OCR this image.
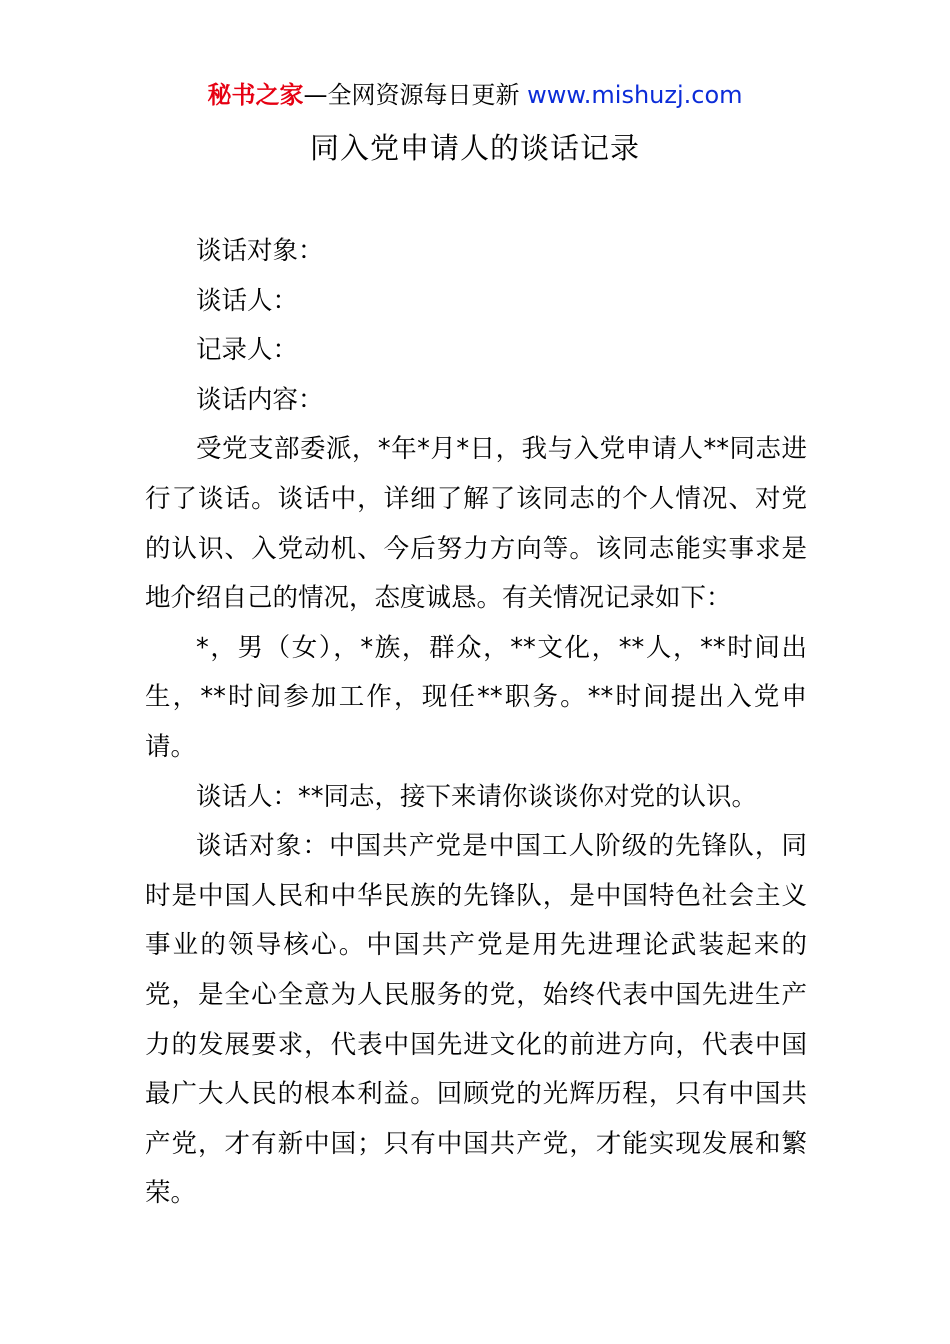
秘书之家—全网资源每日更新 www.mishuzj.com
同入党申请人的谈话记录

谈话对象：

谈话人：

记录人：

谈话内容：

受党支部委派，*年*月*日，我与入党申请人**同志进行了谈话。谈话中，详细了解了该同志的个人情况、对党的认识、入党动机、今后努力方向等。该同志能实事求是地介绍自己的情况，态度诚恳。有关情况记录如下：

*，男（女），*族，群众，**文化，**人，**时间出生，**时间参加工作，现任**职务。**时间提出入党申请。

谈话人：**同志，接下来请你谈谈你对党的认识。

谈话对象：中国共产党是中国工人阶级的先锋队，同时是中国人民和中华民族的先锋队，是中国特色社会主义事业的领导核心。中国共产党是用先进理论武装起来的党，是全心全意为人民服务的党，始终代表中国先进生产力的发展要求，代表中国先进文化的前进方向，代表中国最广大人民的根本利益。回顾党的光辉历程，只有中国共产党，才有新中国；只有中国共产党，才能实现发展和繁荣。
